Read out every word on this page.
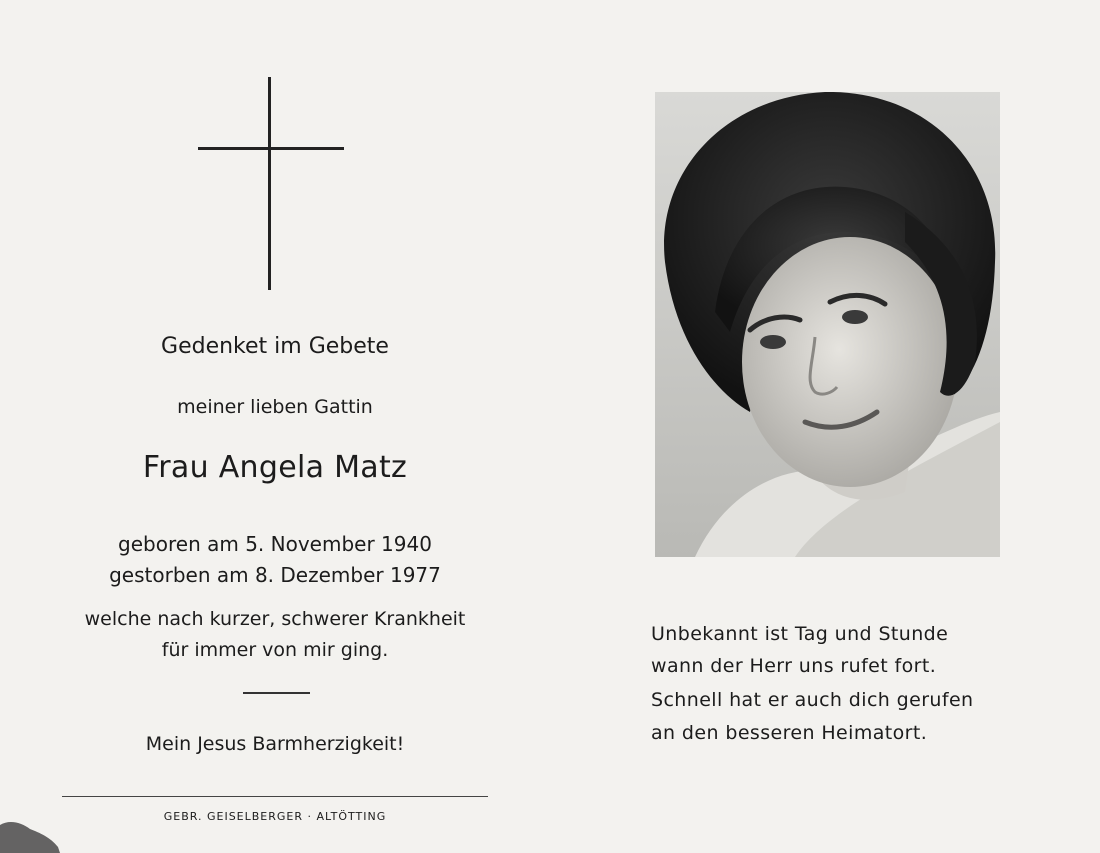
Gedenket im Gebete
meiner lieben Gattin
Frau Angela Matz
geboren am 5. November 1940
gestorben am 8. Dezember 1977
welche nach kurzer, schwerer Krankheit
für immer von mir ging.
Mein Jesus Barmherzigkeit!
GEBR. GEISELBERGER · ALTÖTTING
Unbekannt ist Tag und Stunde
wann der Herr uns rufet fort.
Schnell hat er auch dich gerufen
an den besseren Heimatort.
